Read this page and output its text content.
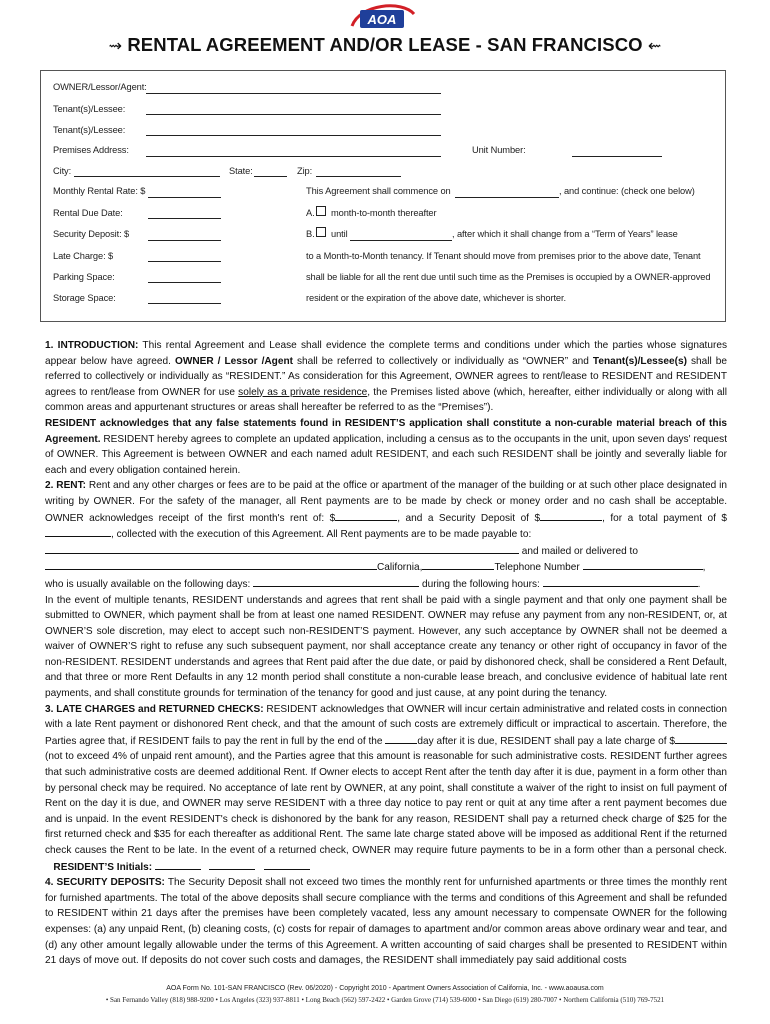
⇝ RENTAL AGREEMENT AND/OR LEASE - SAN FRANCISCO ⇜
OWNER/Lessor/Agent:
Tenant(s)/Lessee:
Tenant(s)/Lessee:
Premises Address:	Unit Number:
City:	State:	Zip:
Monthly Rental Rate: $	This Agreement shall commence on	, and continue: (check one below)
Rental Due Date:	A. month-to-month thereafter
Security Deposit: $	B. until	, after which it shall change from a “Term of Years” lease
Late Charge: $	to a Month-to-Month tenancy. If Tenant should move from premises prior to the above date, Tenant
Parking Space:	shall be liable for all the rent due until such time as the Premises is occupied by a OWNER-approved
Storage Space:	resident or the expiration of the above date, whichever is shorter.

1. INTRODUCTION: This rental Agreement and Lease shall evidence the complete terms and conditions under which the parties whose signatures appear below have agreed. OWNER / Lessor /Agent shall be referred to collectively or individually as “OWNER” and Tenant(s)/Lessee(s) shall be referred to collectively or individually as “RESIDENT.” As consideration for this Agreement, OWNER agrees to rent/lease to RESIDENT and RESIDENT agrees to rent/lease from OWNER for use solely as a private residence, the Premises listed above (which, hereafter, either individually or along with all common areas and appurtenant structures or areas shall hereafter be referred to as the “Premises”).

RESIDENT acknowledges that any false statements found in RESIDENT’S application shall constitute a non-curable material breach of this Agreement. RESIDENT hereby agrees to complete an updated application, including a census as to the occupants in the unit, upon seven days' request of OWNER. This Agreement is between OWNER and each named adult RESIDENT, and each such RESIDENT shall be jointly and severally liable for each and every obligation contained herein.

2. RENT: Rent and any other charges or fees are to be paid at the office or apartment of the manager of the building or at such other place designated in writing by OWNER. For the safety of the manager, all Rent payments are to be made by check or money order and no cash shall be acceptable. OWNER acknowledges receipt of the first month's rent of: $	, and a Security Deposit of $	, for a total payment of $, collected with the execution of this Agreement. All Rent payments are to be made payable to:
and mailed or delivered to
California,	Telephone Number	,
who is usually available on the following days:	during the following hours:	.

In the event of multiple tenants, RESIDENT understands and agrees that rent shall be paid with a single payment and that only one payment shall be submitted to OWNER, which payment shall be from at least one named RESIDENT. OWNER may refuse any payment from any non-RESIDENT, or, at OWNER’S sole discretion, may elect to accept such non-RESIDENT’S payment. However, any such acceptance by OWNER shall not be deemed a waiver of OWNER’S right to refuse any such subsequent payment, nor shall acceptance create any tenancy or other right of occupancy in favor of the non-RESIDENT. RESIDENT understands and agrees that Rent paid after the due date, or paid by dishonored check, shall be considered a Rent Default, and that three or more Rent Defaults in any 12 month period shall constitute a non-curable lease breach, and conclusive evidence of habitual late rent payments, and shall constitute grounds for termination of the tenancy for good and just cause, at any point during the tenancy.

3. LATE CHARGES and RETURNED CHECKS: RESIDENT acknowledges that OWNER will incur certain administrative and related costs in connection with a late Rent payment or dishonored Rent check, and that the amount of such costs are extremely difficult or impractical to ascertain. Therefore, the Parties agree that, if RESIDENT fails to pay the rent in full by the end of the	day after it is due, RESIDENT shall pay a late charge of $ (not to exceed 4% of unpaid rent amount), and the Parties agree that this amount is reasonable for such administrative costs. RESIDENT further agrees that such administrative costs are deemed additional Rent. If Owner elects to accept Rent after the tenth day after it is due, payment in a form other than by personal check may be required. No acceptance of late rent by OWNER, at any point, shall constitute a waiver of the right to insist on full payment of Rent on the day it is due, and OWNER may serve RESIDENT with a three day notice to pay rent or quit at any time after a rent payment becomes due and is unpaid. In the event RESIDENT's check is dishonored by the bank for any reason, RESIDENT shall pay a returned check charge of $25 for the first returned check and $35 for each thereafter as additional Rent. The same late charge stated above will be imposed as additional Rent if the returned check causes the Rent to be late. In the event of a returned check, OWNER may require future payments to be in a form other than a personal check.    RESIDENT’S Initials:

4. SECURITY DEPOSITS: The Security Deposit shall not exceed two times the monthly rent for unfurnished apartments or three times the monthly rent for furnished apartments. The total of the above deposits shall secure compliance with the terms and conditions of this Agreement and shall be refunded to RESIDENT within 21 days after the premises have been completely vacated, less any amount necessary to compensate OWNER for the following expenses: (a) any unpaid Rent, (b) cleaning costs, (c) costs for repair of damages to apartment and/or common areas above ordinary wear and tear, and (d) any other amount legally allowable under the terms of this Agreement. A written accounting of said charges shall be presented to RESIDENT within 21 days of move out. If deposits do not cover such costs and damages, the RESIDENT shall immediately pay said additional costs

AOA
AOA Form No. 101-SAN FRANCISCO (Rev. 06/2020) - Copyright 2010 - Apartment Owners Association of California, Inc. - www.aoausa.com
• San Fernando Valley (818) 988-9200 • Los Angeles (323) 937-8811 • Long Beach (562) 597-2422 • Garden Grove (714) 539-6000 • San Diego (619) 280-7007 • Northern California (510) 769-7521
